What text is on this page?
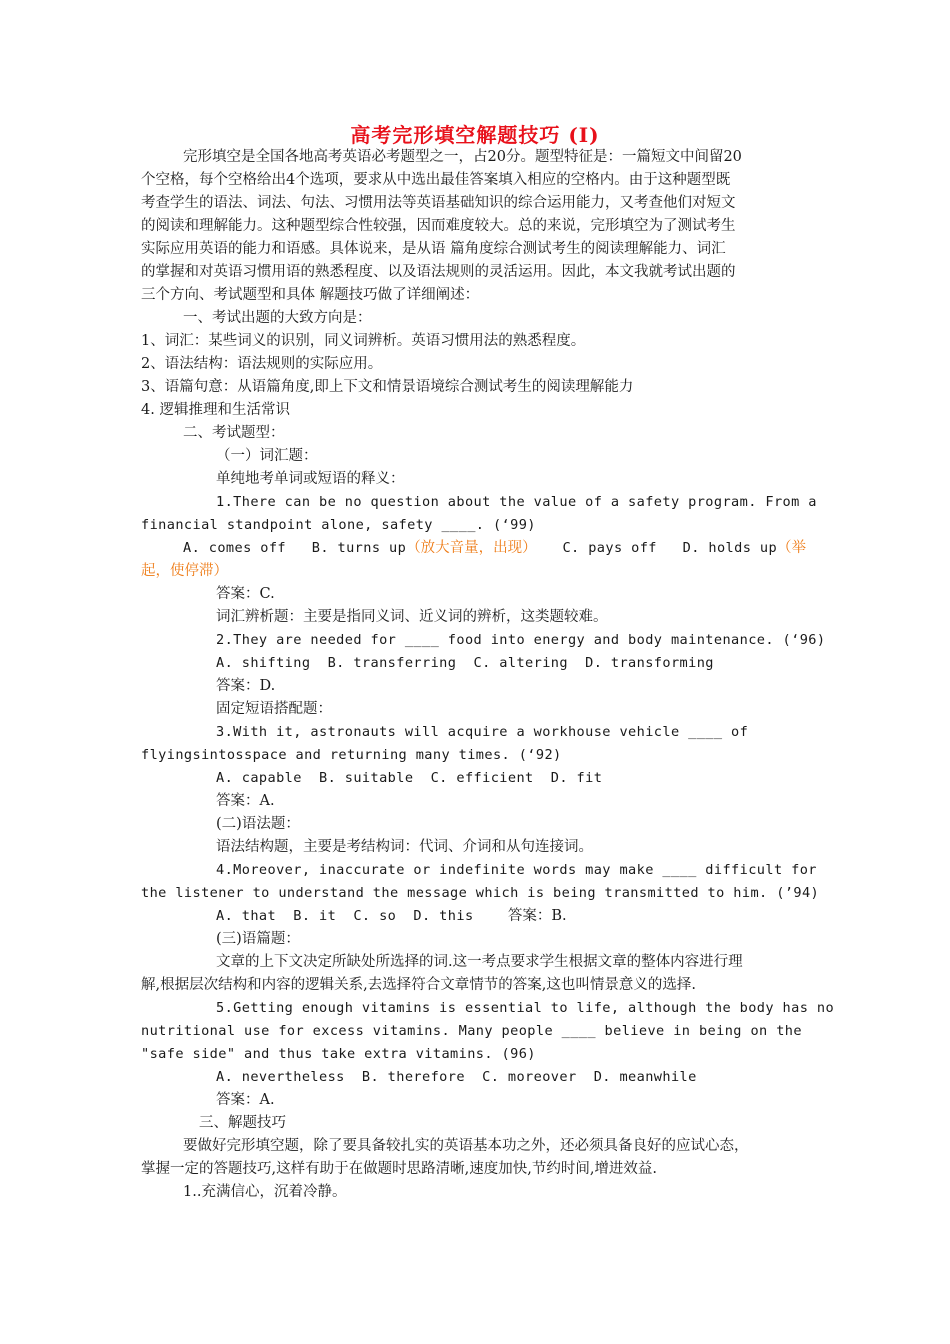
高考完形填空解题技巧 (I)
完形填空是全国各地高考英语必考题型之一，占20分。题型特征是：一篇短文中间留20
个空格，每个空格给出4个选项，要求从中选出最佳答案填入相应的空格内。由于这种题型既
考查学生的语法、词法、句法、习惯用法等英语基础知识的综合运用能力，又考查他们对短文
的阅读和理解能力。这种题型综合性较强，因而难度较大。总的来说，完形填空为了测试考生
实际应用英语的能力和语感。具体说来，是从语 篇角度综合测试考生的阅读理解能力、词汇
的掌握和对英语习惯用语的熟悉程度、以及语法规则的灵活运用。因此，本文我就考试出题的
三个方向、考试题型和具体 解题技巧做了详细阐述：
一、考试出题的大致方向是：
1、词汇：某些词义的识别，同义词辨析。英语习惯用法的熟悉程度。
2、语法结构：语法规则的实际应用。
3、语篇句意：从语篇角度,即上下文和情景语境综合测试考生的阅读理解能力
4. 逻辑推理和生活常识
二、考试题型：
（一）词汇题：
单纯地考单词或短语的释义：
1.There can be no question about the value of a safety program. From a
financial standpoint alone, safety ____. (‘99)
A. comes off   B. turns up（放大音量，出现）   C. pays off   D. holds up（举
起，使停滞）
答案：C.
词汇辨析题：主要是指同义词、近义词的辨析，这类题较难。
2.They are needed for ____ food into energy and body maintenance. (‘96)
A. shifting  B. transferring  C. altering  D. transforming
答案：D.
固定短语搭配题：
3.With it, astronauts will acquire a workhouse vehicle ____ of
flyingsintosspace and returning many times. (‘92)
A. capable  B. suitable  C. efficient  D. fit
答案：A.
(二)语法题：
语法结构题，主要是考结构词：代词、介词和从句连接词。
4.Moreover, inaccurate or indefinite words may make ____ difficult for
the listener to understand the message which is being transmitted to him. (’94)
A. that  B. it  C. so  D. this 答案：B.
(三)语篇题：
文章的上下文决定所缺处所选择的词.这一考点要求学生根据文章的整体内容进行理
解,根据层次结构和内容的逻辑关系,去选择符合文章情节的答案,这也叫情景意义的选择.
5.Getting enough vitamins is essential to life, although the body has no
nutritional use for excess vitamins. Many people ____ believe in being on the
"safe side" and thus take extra vitamins. (96)
A. nevertheless  B. therefore  C. moreover  D. meanwhile
答案：A.
三、解题技巧
要做好完形填空题，除了要具备较扎实的英语基本功之外，还必须具备良好的应试心态，
掌握一定的答题技巧,这样有助于在做题时思路清晰,速度加快,节约时间,增进效益.
1..充满信心，沉着冷静。
